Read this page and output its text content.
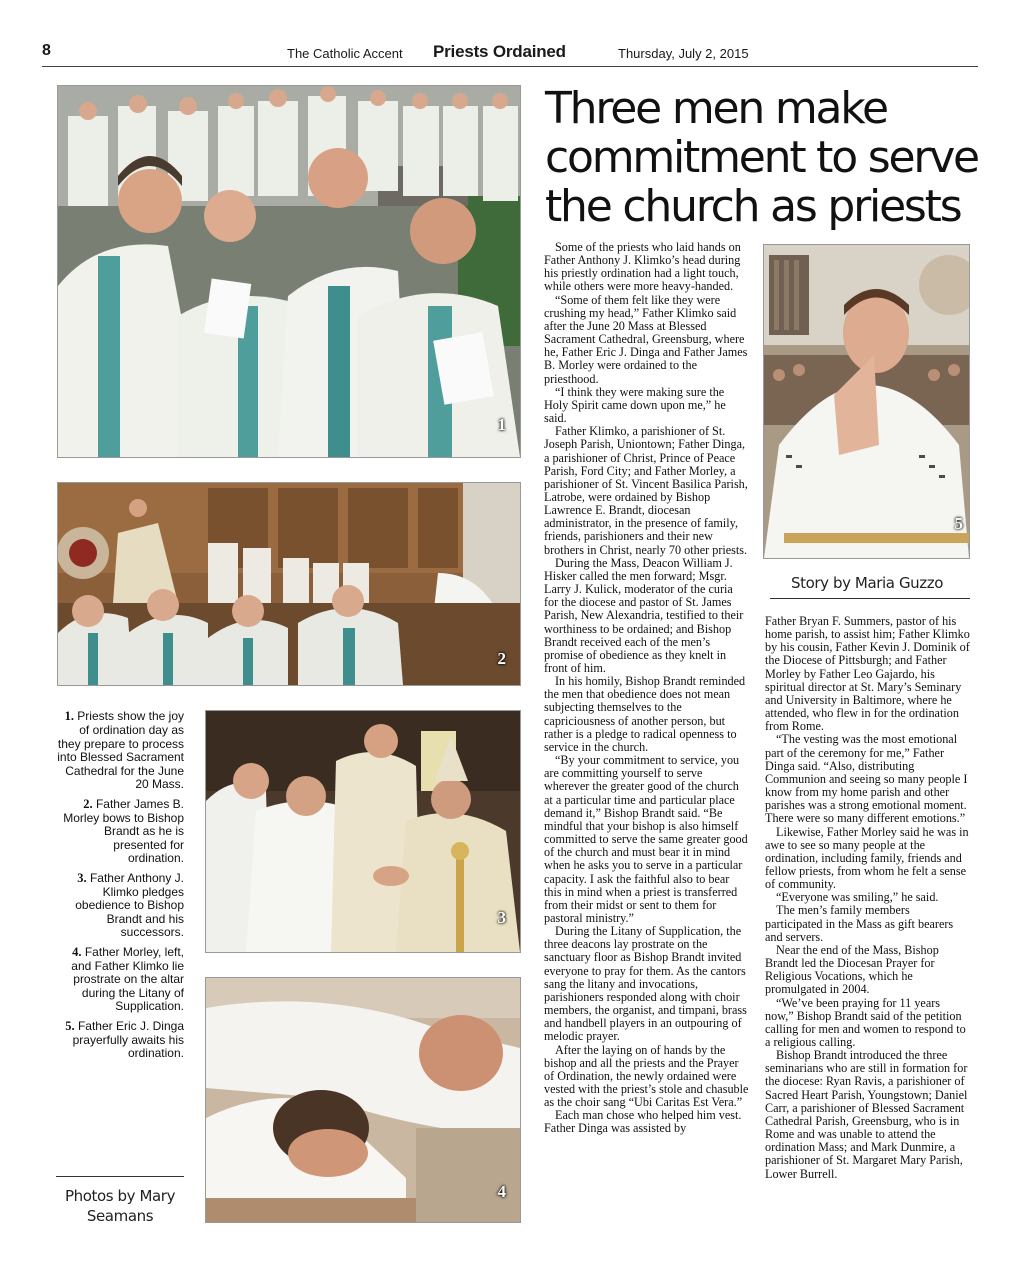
8	The Catholic Accent Priests Ordained	Thursday, July 2, 2015
1
2
3
4
5
Three men make commitment to serve the church as priests

Some of the priests who laid hands on Father Anthony J. Klimko’s head during his priestly ordination had a light touch, while others were more heavy-handed.

“Some of them felt like they were crushing my head,” Father Klimko said after the June 20 Mass at Blessed Sacrament Cathedral, Greensburg, where he, Father Eric J. Dinga and Father James B. Morley were ordained to the priesthood.

“I think they were making sure the Holy Spirit came down upon me,” he said.

Father Klimko, a parishioner of St. Joseph Parish, Uniontown; Father Dinga, a parishioner of Christ, Prince of Peace Parish, Ford City; and Father Morley, a parishioner of St. Vincent Basilica Parish, Latrobe, were ordained by Bishop Lawrence E. Brandt, diocesan administrator, in the presence of family, friends, parishioners and their new brothers in Christ, nearly 70 other priests.

During the Mass, Deacon William J. Hisker called the men forward; Msgr. Larry J. Kulick, moderator of the curia for the diocese and pastor of St. James Parish, New Alexandria, testified to their worthiness to be ordained; and Bishop Brandt received each of the men’s promise of obedience as they knelt in front of him.

In his homily, Bishop Brandt reminded the men that obedience does not mean subjecting themselves to the capriciousness of another person, but rather is a pledge to radical openness to service in the church.

“By your commitment to service, you are committing yourself to serve wherever the greater good of the church at a particular time and particular place demand it,” Bishop Brandt said. “Be mindful that your bishop is also himself committed to serve the same greater good of the church and must bear it in mind when he asks you to serve in a particular capacity. I ask the faithful also to bear this in mind when a priest is transferred from their midst or sent to them for pastoral ministry.”

During the Litany of Supplication, the three deacons lay prostrate on the sanctuary floor as Bishop Brandt invited everyone to pray for them. As the cantors sang the litany and invocations, parishioners responded along with choir members, the organist, and timpani, brass and handbell players in an outpouring of melodic prayer.

After the laying on of hands by the bishop and all the priests and the Prayer of Ordination, the newly ordained were vested with the priest’s stole and chasuble as the choir sang “Ubi Caritas Est Vera.”

Each man chose who helped him vest. Father Dinga was assisted by

Story by Maria Guzzo

Father Bryan F. Summers, pastor of his home parish, to assist him; Father Klimko by his cousin, Father Kevin J. Dominik of the Diocese of Pittsburgh; and Father Morley by Father Leo Gajardo, his spiritual director at St. Mary’s Seminary and University in Baltimore, where he attended, who flew in for the ordination from Rome.

“The vesting was the most emotional part of the ceremony for me,” Father Dinga said. “Also, distributing Communion and seeing so many people I know from my home parish and other parishes was a strong emotional moment. There were so many different emotions.”

Likewise, Father Morley said he was in awe to see so many people at the ordination, including family, friends and fellow priests, from whom he felt a sense of community.

“Everyone was smiling,” he said.

The men’s family members participated in the Mass as gift bearers and servers.

Near the end of the Mass, Bishop Brandt led the Diocesan Prayer for Religious Vocations, which he promulgated in 2004.

“We’ve been praying for 11 years now,” Bishop Brandt said of the petition calling for men and women to respond to a religious calling.

Bishop Brandt introduced the three seminarians who are still in formation for the diocese: Ryan Ravis, a parishioner of Sacred Heart Parish, Youngstown; Daniel Carr, a parishioner of Blessed Sacrament Cathedral Parish, Greensburg, who is in Rome and was unable to attend the ordination Mass; and Mark Dunmire, a parishioner of St. Margaret Mary Parish, Lower Burrell.

1. Priests show the joy of ordination day as they prepare to process into Blessed Sacrament Cathedral for the June 20 Mass.
2. Father James B. Morley bows to Bishop Brandt as he is presented for ordination.
3. Father Anthony J. Klimko pledges obedience to Bishop Brandt and his successors.
4. Father Morley, left, and Father Klimko lie prostrate on the altar during the Litany of Supplication.
5. Father Eric J. Dinga prayerfully awaits his ordination.
Photos by Mary Seamans
